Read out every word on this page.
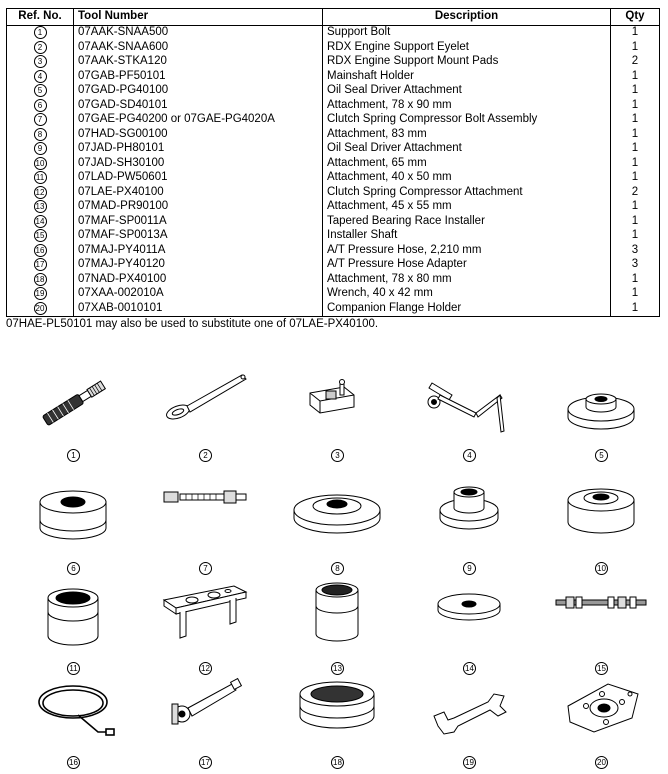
Ref. No.	Tool Number	Description	Qty
1	07AAK-SNAA500	Support Bolt	1
2	07AAK-SNAA600	RDX Engine Support Eyelet	1
3	07AAK-STKA120	RDX Engine Support Mount Pads	2
4	07GAB-PF50101	Mainshaft Holder	1
5	07GAD-PG40100	Oil Seal Driver Attachment	1
6	07GAD-SD40101	Attachment, 78 x 90 mm	1
7	07GAE-PG40200 or 07GAE-PG4020A	Clutch Spring Compressor Bolt Assembly	1
8	07HAD-SG00100	Attachment, 83 mm	1
9	07JAD-PH80101	Oil Seal Driver Attachment	1
10	07JAD-SH30100	Attachment, 65 mm	1
11	07LAD-PW50601	Attachment, 40 x 50 mm	1
12	07LAE-PX40100	Clutch Spring Compressor Attachment	2
13	07MAD-PR90100	Attachment, 45 x 55 mm	1
14	07MAF-SP0011A	Tapered Bearing Race Installer	1
15	07MAF-SP0013A	Installer Shaft	1
16	07MAJ-PY4011A	A/T Pressure Hose, 2,210 mm	3
17	07MAJ-PY40120	A/T Pressure Hose Adapter	3
18	07NAD-PX40100	Attachment, 78 x 80 mm	1
19	07XAA-002010A	Wrench, 40 x 42 mm	1
20	07XAB-0010101	Companion Flange Holder	1
07HAE-PL50101 may also be used to substitute one of 07LAE-PX40100.
1	2	3	4	5
6	7	8	9	10
11	12	13	14	15
16	17	18	19	20
